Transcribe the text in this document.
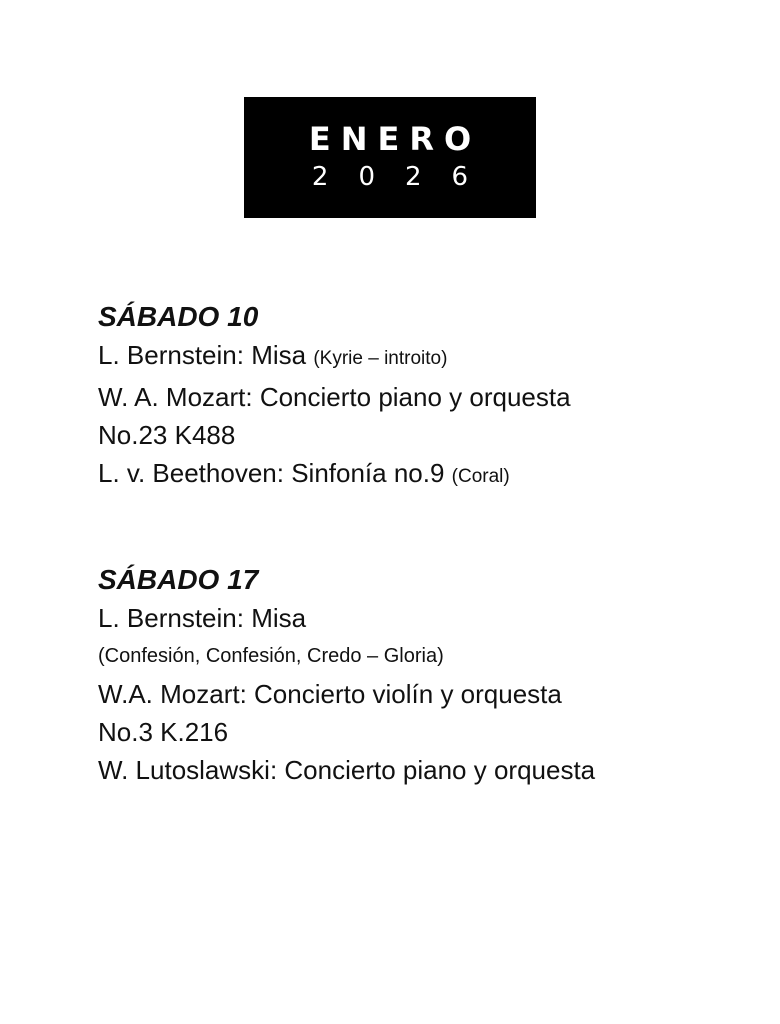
ENERO
2026

SÁBADO 10

L. Bernstein: Misa (Kyrie – introito)

W. A. Mozart: Concierto piano y orquesta

No.23 K488

L. v. Beethoven: Sinfonía no.9 (Coral)

SÁBADO 17

L. Bernstein: Misa

(Confesión, Confesión, Credo – Gloria)

W.A. Mozart: Concierto violín y orquesta

No.3 K.216

W. Lutoslawski: Concierto piano y orquesta
